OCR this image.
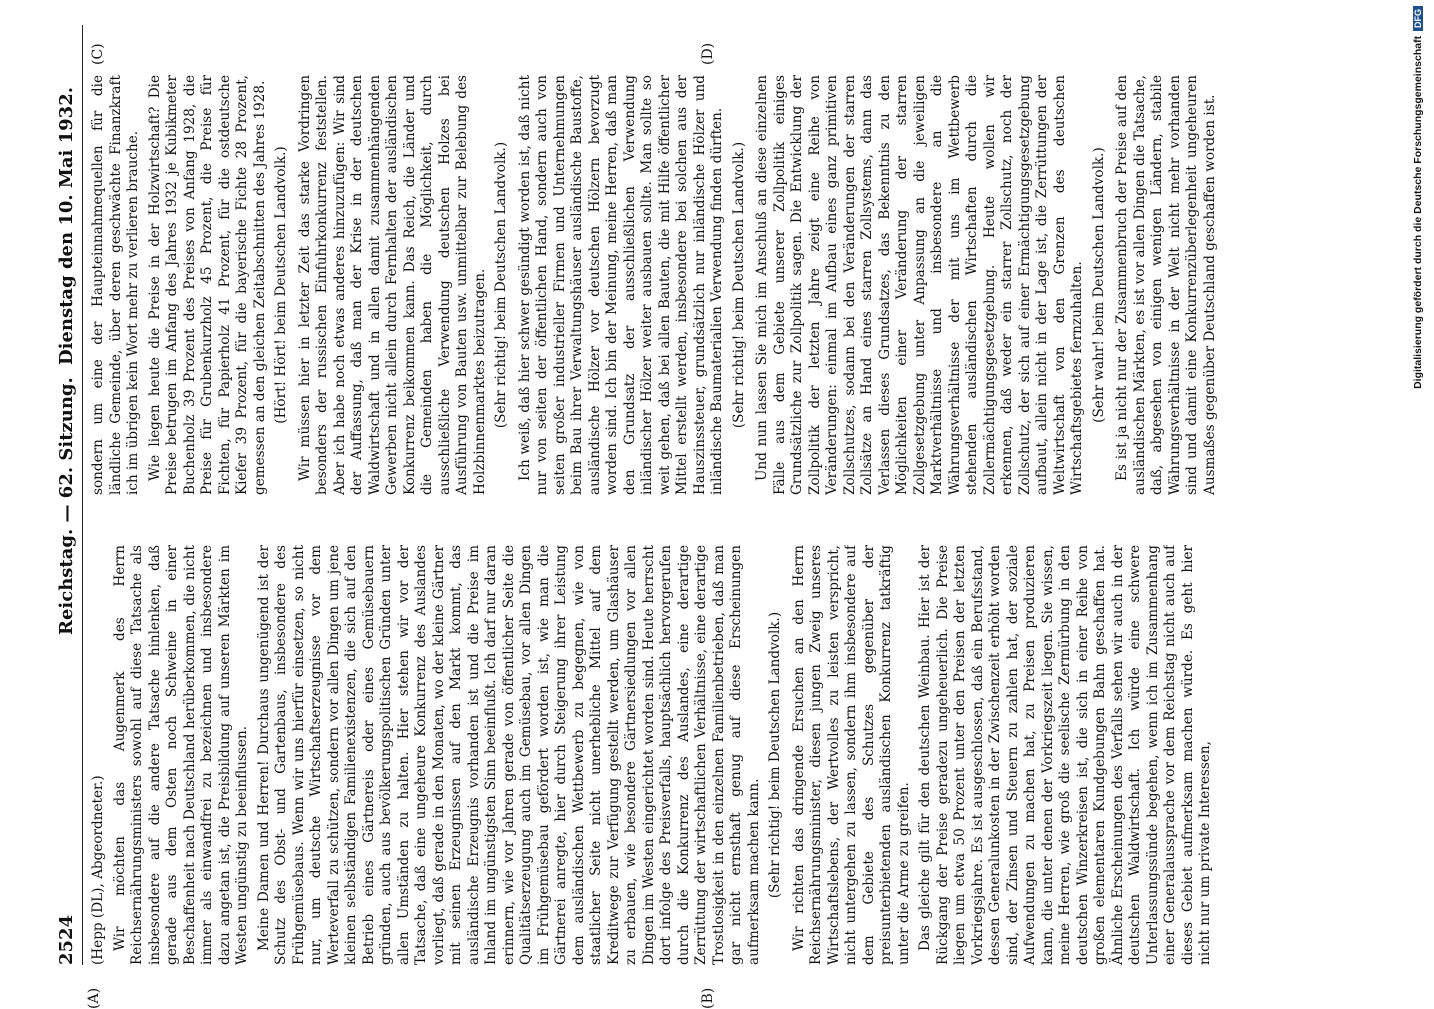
2524
Reichstag. — 62. Sitzung.
Dienstag den 10. Mai 1932.

(Hepp (DL), Abgeordneter.) Wir möchten das Augenmerk des Herrn Reichsernährungsministers sowohl auf diese Tatsache als insbesondere auf die andere Tatsache hinlenken, daß gerade aus dem Osten noch Schweine in einer Beschaffenheit nach Deutschland herüberkommen, die nicht immer als einwandfrei zu bezeichnen und insbesondere dazu angetan ist, die Preisbildung auf unseren Märkten im Westen ungünstig zu beeinflussen. Meine Damen und Herren! Durchaus ungenügend ist der Schutz des Obst- und Gartenbaus, insbesondere des Frühgemüsebaus. Wenn wir uns hierfür einsetzen, so nicht nur, um deutsche Wirtschaftserzeugnisse vor dem Werteverfall zu schützen, sondern vor allen Dingen um jene kleinen selbständigen Familienexistenzen, die sich auf den Betrieb eines Gärtnereis oder eines Gemüsebauern gründen, auch aus bevölkerungspolitischen Gründen unter allen Umständen zu halten. Hier stehen wir vor der Tatsache, daß eine ungeheure Konkurrenz des Auslandes vorliegt, daß gerade in den Monaten, wo der kleine Gärtner mit seinen Erzeugnissen auf den Markt kommt, das ausländische Erzeugnis vorhanden ist und die Preise im Inland im ungünstigsten Sinn beeinflußt. Ich darf nur daran erinnern, wie vor Jahren gerade von öffentlicher Seite die Qualitätserzeugung auch im Gemüsebau, vor allen Dingen im Frühgemüsebau gefördert worden ist, wie man die Gärtnerei anregte, hier durch Steigerung ihrer Leistung dem ausländischen Wettbewerb zu begegnen, wie von staatlicher Seite nicht unerhebliche Mittel auf dem Kreditwege zur Verfügung gestellt werden, um Glashäuser zu erbauen, wie besondere Gärtnersiedlungen vor allen Dingen im Westen eingerichtet worden sind. Heute herrscht dort infolge des Preisverfalls, hauptsächlich hervorgerufen durch die Konkurrenz des Auslandes, eine derartige Zerrüttung der wirtschaftlichen Verhältnisse, eine derartige Trostlosigkeit in den einzelnen Familienbetrieben, daß man gar nicht ernsthaft genug auf diese Erscheinungen aufmerksam machen kann. (Sehr richtig! beim Deutschen Landvolk.) Wir richten das dringende Ersuchen an den Herrn Reichsernährungsminister, diesen jungen Zweig unseres Wirtschaftslebens, der Wertvolles zu leisten verspricht, nicht untergehen zu lassen, sondern ihm insbesondere auf dem Gebiete des Schutzes gegenüber der preisunterbietenden ausländischen Konkurrenz tatkräftig unter die Arme zu greifen. Das gleiche gilt für den deutschen Weinbau. Hier ist der Rückgang der Preise geradezu ungeheuerlich. Die Preise liegen um etwa 50 Prozent unter den Preisen der letzten Vorkriegsjahre. Es ist ausgeschlossen, daß ein Berufsstand, dessen Generalunkosten in der Zwischenzeit erhöht worden sind, der Zinsen und Steuern zu zahlen hat, der soziale Aufwendungen zu machen hat, zu Preisen produzieren kann, die unter denen der Vorkriegszeit liegen. Sie wissen, meine Herren, wie groß die seelische Zermürbung in den deutschen Winzerkreisen ist, die sich in einer Reihe von großen elementaren Kundgebungen Bahn geschaffen hat. Ähnliche Erscheinungen des Verfalls sehen wir auch in der deutschen Waldwirtschaft. Ich würde eine schwere Unterlassungssünde begehen, wenn ich im Zusammenhang einer Generalaussprache vor dem Reichstag nicht auch auf dieses Gebiet aufmerksam machen würde. Es geht hier nicht nur um private Interessen,

sondern um eine der Haupteinnahmequellen für die ländliche Gemeinde, über deren geschwächte Finanzkraft ich im übrigen kein Wort mehr zu verlieren brauche. Wie liegen heute die Preise in der Holzwirtschaft? Die Preise betrugen im Anfang des Jahres 1932 je Kubikmeter Buchenholz 39 Prozent des Preises von Anfang 1928, die Preise für Grubenkurzholz 45 Prozent, die Preise für Fichten, für Papierholz 41 Prozent, für die ostdeutsche Kiefer 39 Prozent, für die bayerische Fichte 28 Prozent, gemessen an den gleichen Zeitabschnitten des Jahres 1928. (Hört! Hört! beim Deutschen Landvolk.) Wir müssen hier in letzter Zeit das starke Vordringen besonders der russischen Einfuhrkonkurrenz feststellen. Aber ich habe noch etwas anderes hinzuzufügen: Wir sind der Auffassung, daß man der Krise in der deutschen Waldwirtschaft und in allen damit zusammenhängenden Gewerben nicht allein durch Fernhalten der ausländischen Konkurrenz beikommen kann. Das Reich, die Länder und die Gemeinden haben die Möglichkeit, durch ausschließliche Verwendung deutschen Holzes bei Ausführung von Bauten usw. unmittelbar zur Belebung des Holzbinnenmarktes beizutragen. (Sehr richtig! beim Deutschen Landvolk.) Ich weiß, daß hier schwer gesündigt worden ist, daß nicht nur von seiten der öffentlichen Hand, sondern auch von seiten großer industrieller Firmen und Unternehmungen beim Bau ihrer Verwaltungshäuser ausländische Baustoffe, ausländische Hölzer vor deutschen Hölzern bevorzugt worden sind. Ich bin der Meinung, meine Herren, daß man den Grundsatz der ausschließlichen Verwendung inländischer Hölzer weiter ausbauen sollte. Man sollte so weit gehen, daß bei allen Bauten, die mit Hilfe öffentlicher Mittel erstellt werden, insbesondere bei solchen aus der Hauszinssteuer, grundsätzlich nur inländische Hölzer und inländische Baumaterialien Verwendung finden dürften. (Sehr richtig! beim Deutschen Landvolk.) Und nun lassen Sie mich im Anschluß an diese einzelnen Fälle aus dem Gebiete unserer Zollpolitik einiges Grundsätzliche zur Zollpolitik sagen. Die Entwicklung der Zollpolitik der letzten Jahre zeigt eine Reihe von Veränderungen: einmal im Aufbau eines ganz primitiven Zollschutzes, sodann bei den Veränderungen der starren Zollsätze an Hand eines starren Zollsystems, dann das Verlassen dieses Grundsatzes, das Bekenntnis zu den Möglichkeiten einer Veränderung der starren Zollgesetzgebung unter Anpassung an die jeweiligen Marktverhältnisse und insbesondere an die Währungsverhältnisse der mit uns im Wettbewerb stehenden ausländischen Wirtschaften durch die Zollermächtigungsgesetzgebung. Heute wollen wir erkennen, daß weder ein starrer Zollschutz, noch der Zollschutz, der sich auf einer Ermächtigungsgesetzgebung aufbaut, allein nicht in der Lage ist, die Zerrüttungen der Weltwirtschaft von den Grenzen des deutschen Wirtschaftsgebietes fernzuhalten. (Sehr wahr! beim Deutschen Landvolk.) Es ist ja nicht nur der Zusammenbruch der Preise auf den ausländischen Märkten, es ist vor allen Dingen die Tatsache, daß, abgesehen von einigen wenigen Ländern, stabile Währungsverhältnisse in der Welt nicht mehr vorhanden sind und damit eine Konkurrenzüberlegenheit ungeheuren Ausmaßes gegenüber Deutschland geschaffen worden ist.

(A)	(B)
(C)	(D)	Digitalisierung gefördert durch die Deutsche Forschungsgemeinschaft DFG
